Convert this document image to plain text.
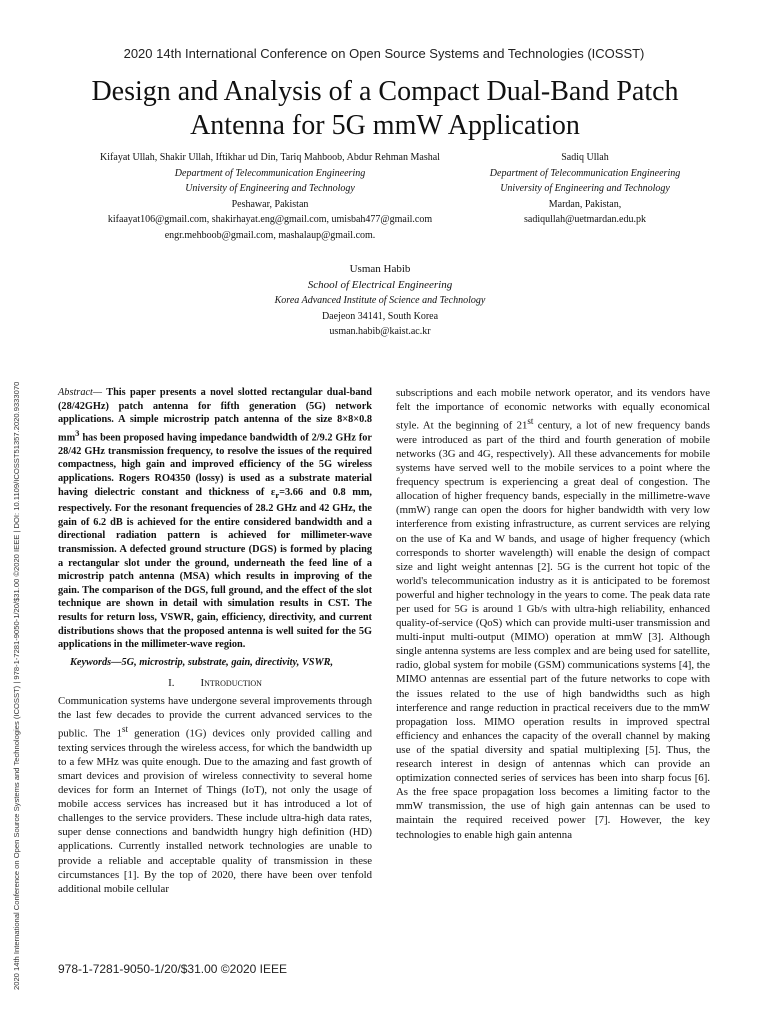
2020 14th International Conference on Open Source Systems and Technologies (ICOSST)
Design and Analysis of a Compact Dual-Band Patch
Antenna for 5G mmW Application
Kifayat Ullah, Shakir Ullah, Iftikhar ud Din, Tariq Mahboob, Abdur Rehman Mashal
Department of Telecommunication Engineering
University of Engineering and Technology
Peshawar, Pakistan
kifaayat106@gmail.com, shakirhayat.eng@gmail.com, umisbah477@gmail.com
engr.mehboob@gmail.com, mashalaup@gmail.com.
Sadiq Ullah
Department of Telecommunication Engineering
University of Engineering and Technology
Mardan, Pakistan,
sadiqullah@uetmardan.edu.pk
Usman Habib
School of Electrical Engineering
Korea Advanced Institute of Science and Technology
Daejeon 34141, South Korea
usman.habib@kaist.ac.kr
2020 14th International Conference on Open Source Systems and Technologies (ICOSST) | 978-1-7281-9050-1/20/$31.00 ©2020 IEEE | DOI: 10.1109/ICOSST51357.2020.9333070	Abstract— This paper presents a novel slotted rectangular dual-band (28/42GHz) patch antenna for fifth generation (5G) network applications. A simple microstrip patch antenna of the size 8×8×0.8 $mm^3$ has been proposed having impedance bandwidth of 2/9.2 GHz for 28/42 GHz transmission frequency, to resolve the issues of the required compactness, high gain and improved efficiency of the 5G wireless applications. Rogers RO4350 (lossy) is used as a substrate material having dielectric constant and thickness of $\varepsilon_r=3.66$ and 0.8 mm, respectively. For the resonant frequencies of 28.2 GHz and 42 GHz, the gain of 6.2 dB is achieved for the entire considered bandwidth and a directional radiation pattern is achieved for millimeter-wave transmission. A defected ground structure (DGS) is formed by placing a rectangular slot under the ground, underneath the feed line of a microstrip patch antenna (MSA) which results in improving of the gain. The comparison of the DGS, full ground, and the effect of the slot technique are shown in detail with simulation results in CST. The results for return loss, VSWR, gain, efficiency, directivity, and current distributions shows that the proposed antenna is well suited for the 5G applications in the millimeter-wave region.

Keywords—5G, microstrip, substrate, gain, directivity, VSWR,

I. Introduction

Communication systems have undergone several improvements through the last few decades to provide the current advanced services to the public. The 1st generation (1G) devices only provided calling and texting services through the wireless access, for which the bandwidth up to a few MHz was quite enough. Due to the amazing and fast growth of smart devices and provision of wireless connectivity to several home devices for form an Internet of Things (IoT), not only the usage of mobile access services has increased but it has introduced a lot of challenges to the service providers. These include ultra-high data rates, super dense connections and bandwidth hungry high definition (HD) applications. Currently installed network technologies are unable to provide a reliable and acceptable quality of transmission in these circumstances [1]. By the top of 2020, there have been over tenfold additional mobile cellular

subscriptions and each mobile network operator, and its vendors have felt the importance of economic networks with equally economical style. At the beginning of 21st century, a lot of new frequency bands were introduced as part of the third and fourth generation of mobile networks (3G and 4G, respectively). All these advancements for mobile systems have served well to the mobile services to a point where the frequency spectrum is experiencing a great deal of congestion. The allocation of higher frequency bands, especially in the millimetre-wave (mmW) range can open the doors for higher bandwidth with very low interference from existing infrastructure, as current services are relying on the use of Ka and W bands, and usage of higher frequency (which corresponds to shorter wavelength) will enable the design of compact size and light weight antennas [2]. 5G is the current hot topic of the world's telecommunication industry as it is anticipated to be foremost powerful and higher technology in the years to come. The peak data rate per used for 5G is around 1 Gb/s with ultra-high reliability, enhanced quality-of-service (QoS) which can provide multi-user transmission and multi-input multi-output (MIMO) operation at mmW [3]. Although single antenna systems are less complex and are being used for satellite, radio, global system for mobile (GSM) communications systems [4], the MIMO antennas are essential part of the future networks to cope with the issues related to the use of high bandwidths such as high interference and range reduction in practical receivers due to the mmW propagation loss. MIMO operation results in improved spectral efficiency and enhances the capacity of the overall channel by making use of the spatial diversity and spatial multiplexing [5]. Thus, the research interest in design of antennas which can provide an optimization connected series of services has been into sharp focus [6]. As the free space propagation loss becomes a limiting factor to the mmW transmission, the use of high gain antennas can be used to maintain the required received power [7]. However, the key technologies to enable high gain antenna

978-1-7281-9050-1/20/$31.00 ©2020 IEEE
